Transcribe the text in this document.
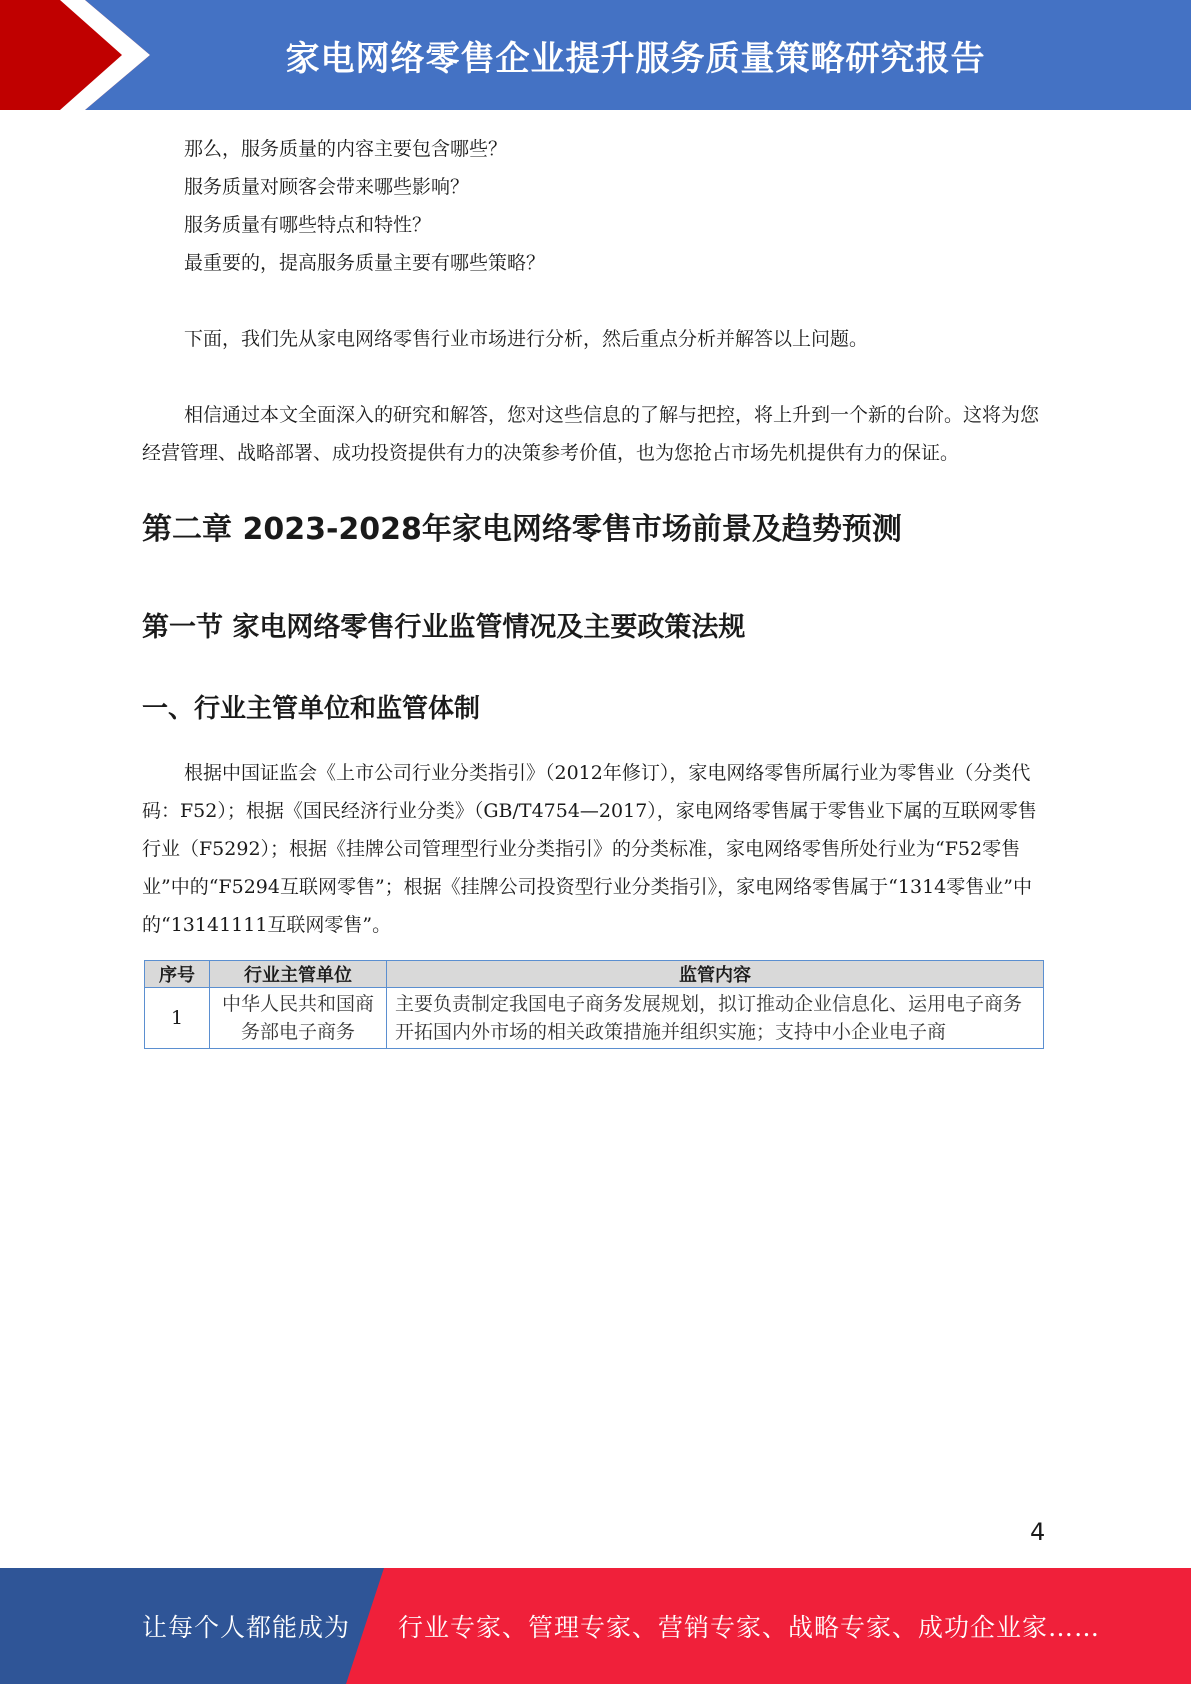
家电网络零售企业提升服务质量策略研究报告

那么，服务质量的内容主要包含哪些？

服务质量对顾客会带来哪些影响？

服务质量有哪些特点和特性？

最重要的，提高服务质量主要有哪些策略？

下面，我们先从家电网络零售行业市场进行分析，然后重点分析并解答以上问题。

相信通过本文全面深入的研究和解答，您对这些信息的了解与把控，将上升到一个新的台阶。这将为您经营管理、战略部署、成功投资提供有力的决策参考价值，也为您抢占市场先机提供有力的保证。

第二章 2023-2028年家电网络零售市场前景及趋势预测
第一节 家电网络零售行业监管情况及主要政策法规
一、行业主管单位和监管体制

根据中国证监会《上市公司行业分类指引》（2012年修订），家电网络零售所属行业为零售业（分类代码：F52）；根据《国民经济行业分类》（GB/T4754—2017），家电网络零售属于零售业下属的互联网零售行业（F5292）；根据《挂牌公司管理型行业分类指引》的分类标准，家电网络零售所处行业为“F52零售业”中的“F5294互联网零售”；根据《挂牌公司投资型行业分类指引》，家电网络零售属于“1314零售业”中的“13141111互联网零售”。

序号	行业主管单位	监管内容
1	中华人民共和国商务部电子商务	主要负责制定我国电子商务发展规划，拟订推动企业信息化、运用电子商务开拓国内外市场的相关政策措施并组织实施；支持中小企业电子商
4
让每个人都能成为 行业专家、管理专家、营销专家、战略专家、成功企业家……
